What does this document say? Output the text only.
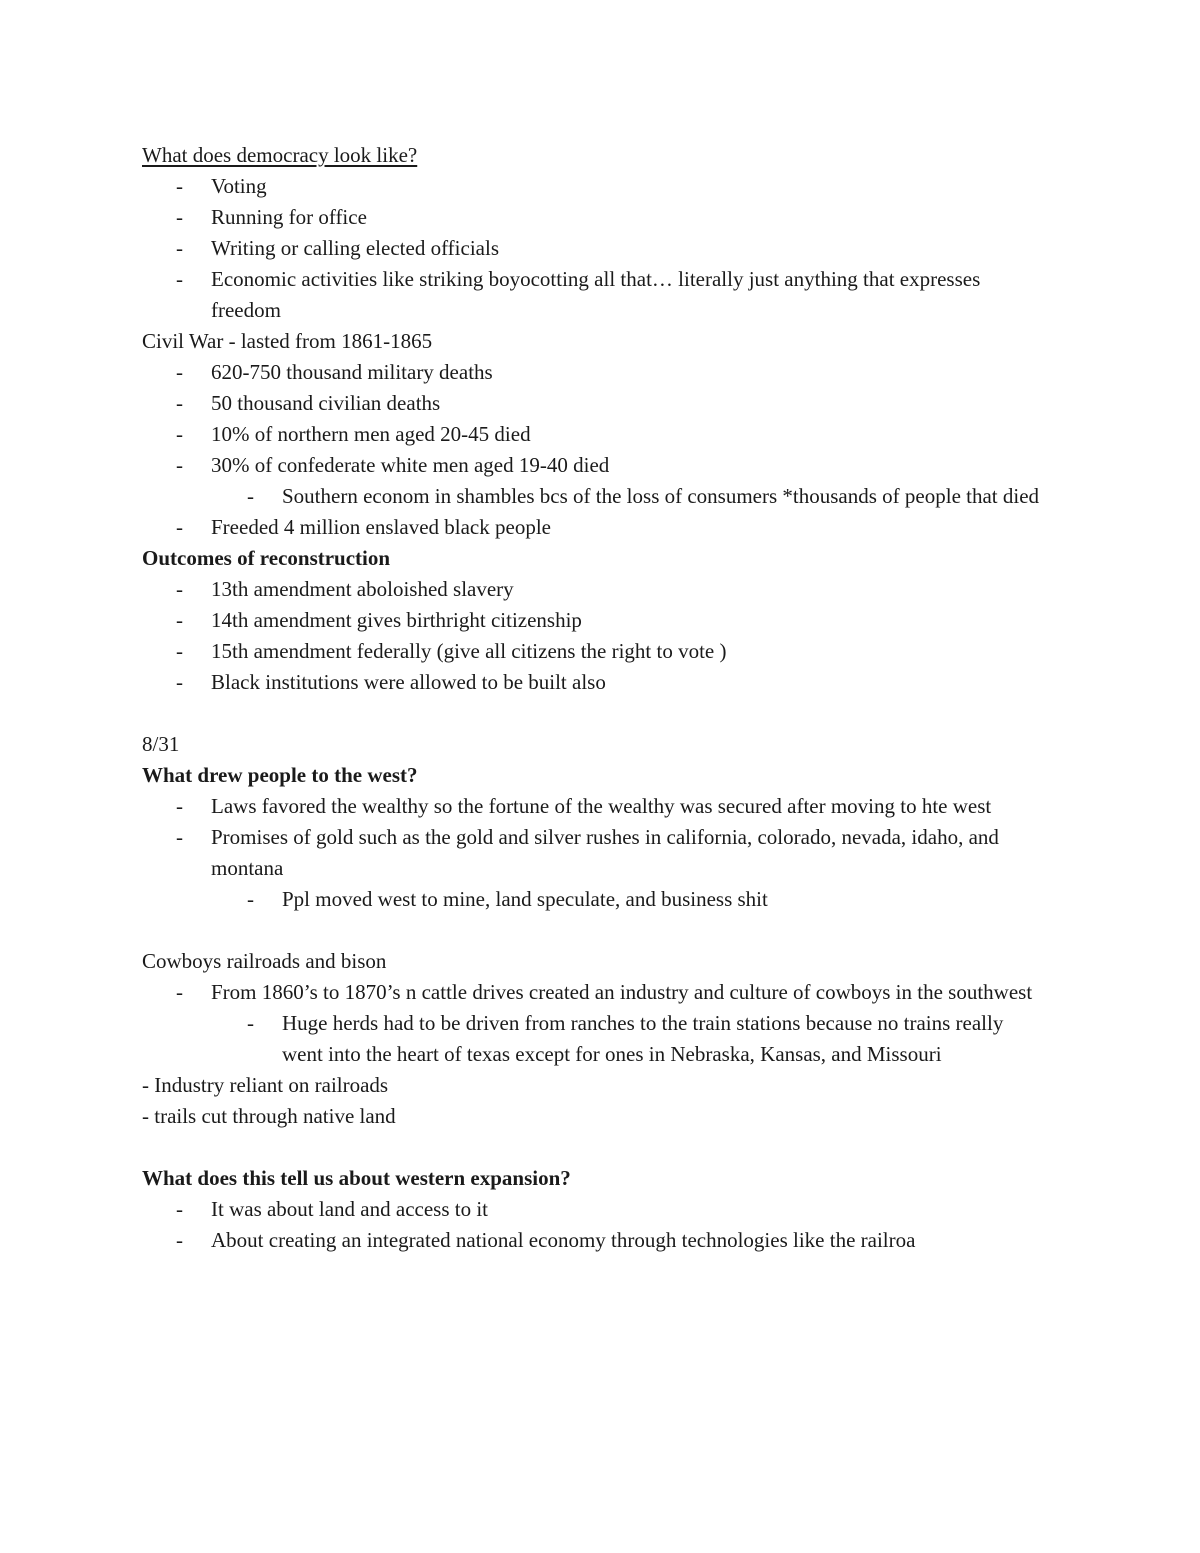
What does democracy look like?
- Voting
- Running for office
- Writing or calling elected officials
- Economic activities like striking boyocotting all that… literally just anything that expresses freedom
Civil War - lasted from 1861-1865
- 620-750 thousand military deaths
- 50 thousand civilian deaths
- 10% of northern men aged 20-45 died
- 30% of confederate white men aged 19-40 died
- Southern econom in shambles bcs of the loss of consumers *thousands of people that died
- Freeded 4 million enslaved black people
Outcomes of reconstruction
- 13th amendment aboloished slavery
- 14th amendment gives birthright citizenship
- 15th amendment federally (give all citizens the right to vote )
- Black institutions were allowed to be built also
8/31
What drew people to the west?
- Laws favored the wealthy so the fortune of the wealthy was secured after moving to hte west
- Promises of gold such as the gold and silver rushes in california, colorado, nevada, idaho, and montana
- Ppl moved west to mine, land speculate, and business shit
Cowboys railroads and bison
- From 1860’s to 1870’s n cattle drives created an industry and culture of cowboys in the southwest
- Huge herds had to be driven from ranches to the train stations because no trains really went into the heart of texas except for ones in Nebraska, Kansas, and Missouri
- Industry reliant on railroads
- trails cut through native land
What does this tell us about western expansion?
- It was about land and access to it
- About creating an integrated national economy through technologies like the railroa
